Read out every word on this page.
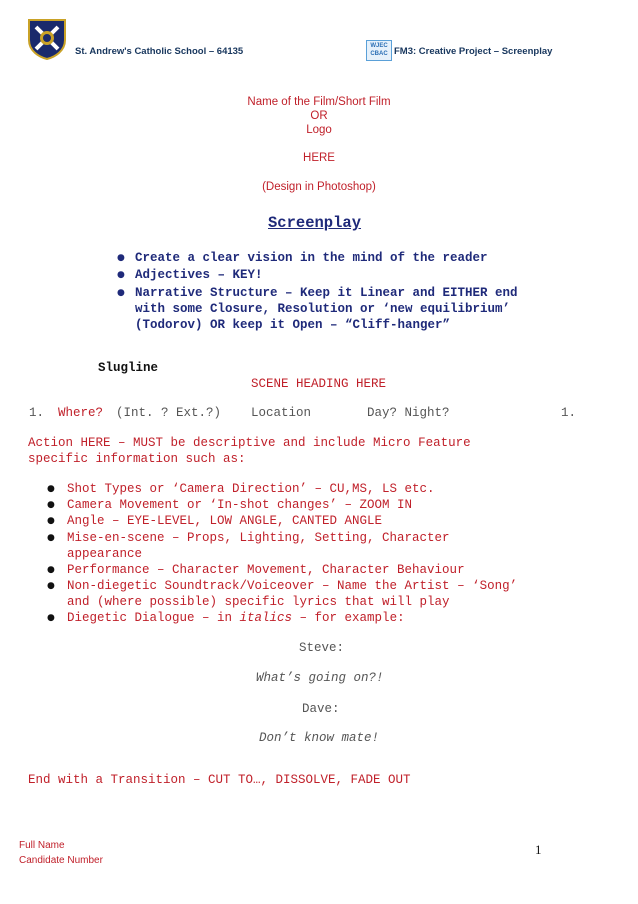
St. Andrew's Catholic School – 64135	WJEC
CBAC FM3: Creative Project – Screenplay
Name of the Film/Short Film
OR
Logo
HERE
(Design in Photoshop)
Screenplay
● Create a clear vision in the mind of the reader
● Adjectives – KEY!
● Narrative Structure – Keep it Linear and EITHER end
with some Closure, Resolution or ‘new equilibrium’
(Todorov) OR keep it Open – “Cliff-hanger”
Slugline
SCENE HEADING HERE
1. Where? (Int. ? Ext.?) Location	Day? Night?	1.
Action HERE – MUST be descriptive and include Micro Feature
specific information such as:
● Shot Types or ‘Camera Direction’ – CU,MS, LS etc.
● Camera Movement or ‘In-shot changes’ – ZOOM IN
● Angle – EYE-LEVEL, LOW ANGLE, CANTED ANGLE
● Mise-en-scene – Props, Lighting, Setting, Character
appearance
● Performance – Character Movement, Character Behaviour
● Non-diegetic Soundtrack/Voiceover – Name the Artist – ‘Song’
and (where possible) specific lyrics that will play
● Diegetic Dialogue – in italics – for example:
Steve:
What’s going on?!
Dave:
Don’t know mate!
End with a Transition – CUT TO…, DISSOLVE, FADE OUT
Full Name
Candidate Number
1
